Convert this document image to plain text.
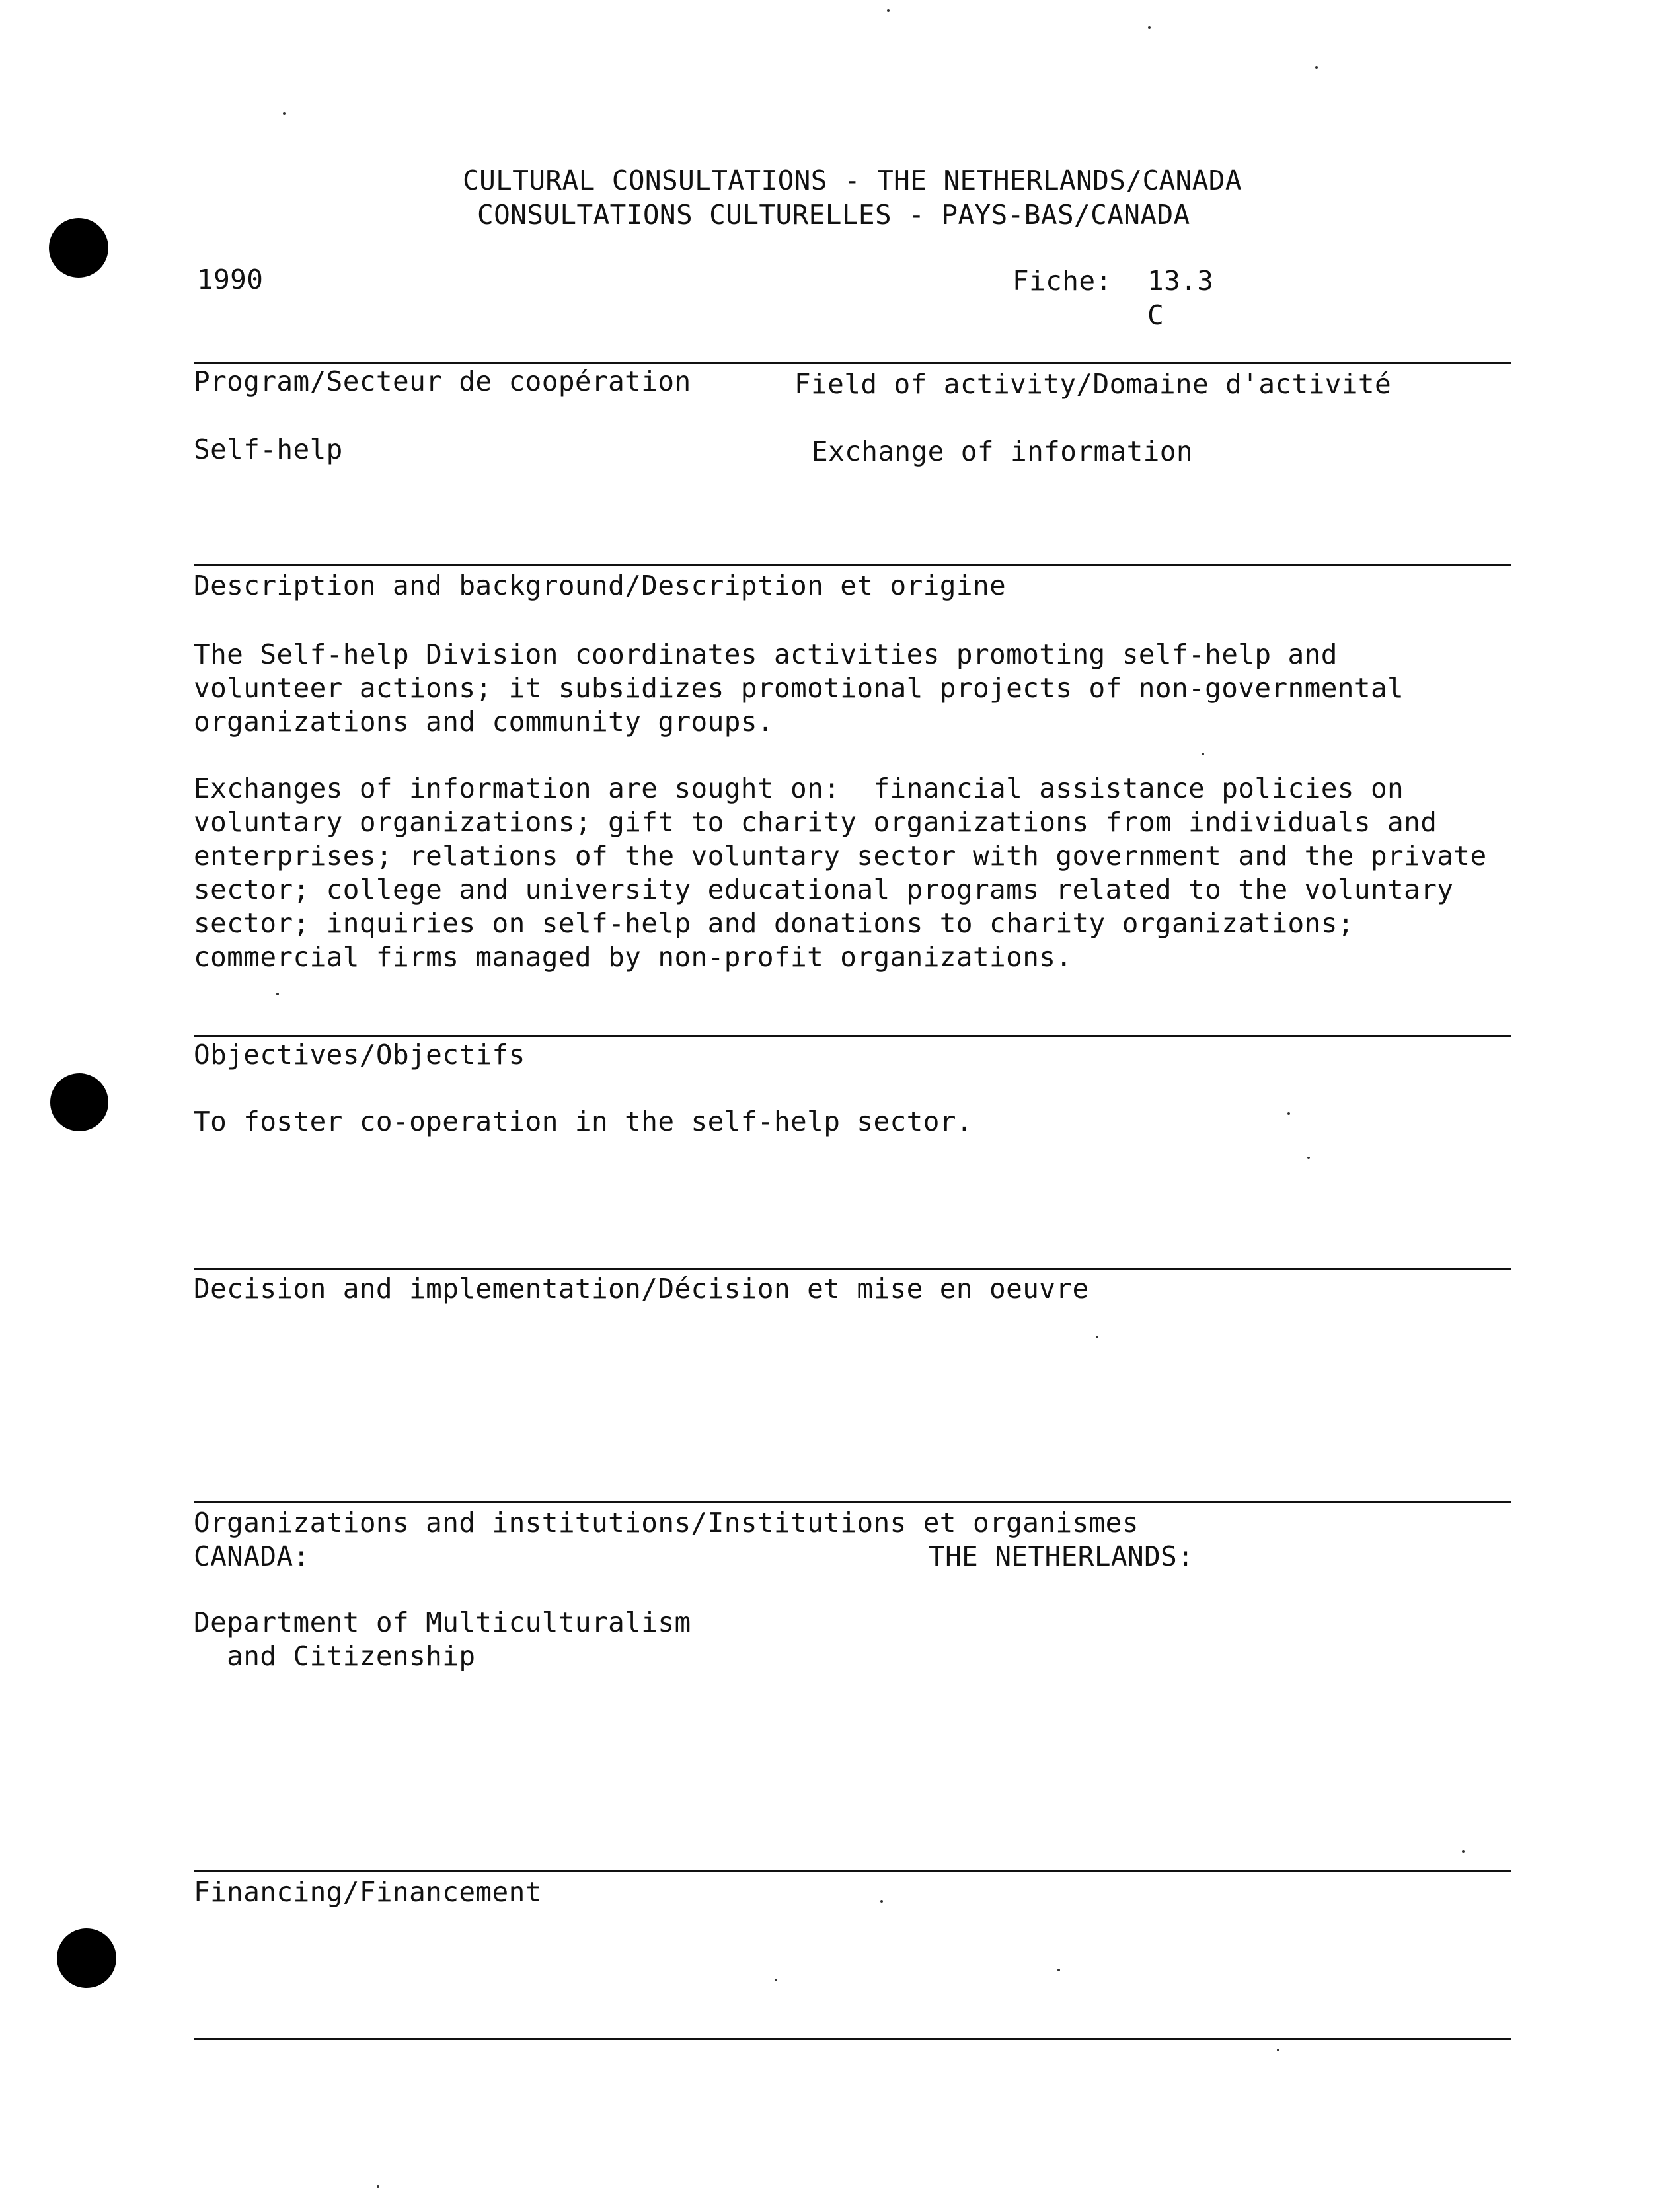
CULTURAL CONSULTATIONS - THE NETHERLANDS/CANADA
CONSULTATIONS CULTURELLES - PAYS-BAS/CANADA
1990	Fiche: 13.3
C
Program/Secteur de coopération	Field of activity/Domaine d'activité
Self-help	Exchange of information
Description and background/Description et origine
The Self-help Division coordinates activities promoting self-help and
volunteer actions; it subsidizes promotional projects of non-governmental
organizations and community groups.
Exchanges of information are sought on:  financial assistance policies on
voluntary organizations; gift to charity organizations from individuals and
enterprises; relations of the voluntary sector with government and the private
sector; college and university educational programs related to the voluntary
sector; inquiries on self-help and donations to charity organizations;
commercial firms managed by non-profit organizations.
Objectives/Objectifs
To foster co-operation in the self-help sector.
Decision and implementation/Décision et mise en oeuvre
Organizations and institutions/Institutions et organismes
CANADA:	THE NETHERLANDS:
Department of Multiculturalism
and Citizenship
Financing/Financement
